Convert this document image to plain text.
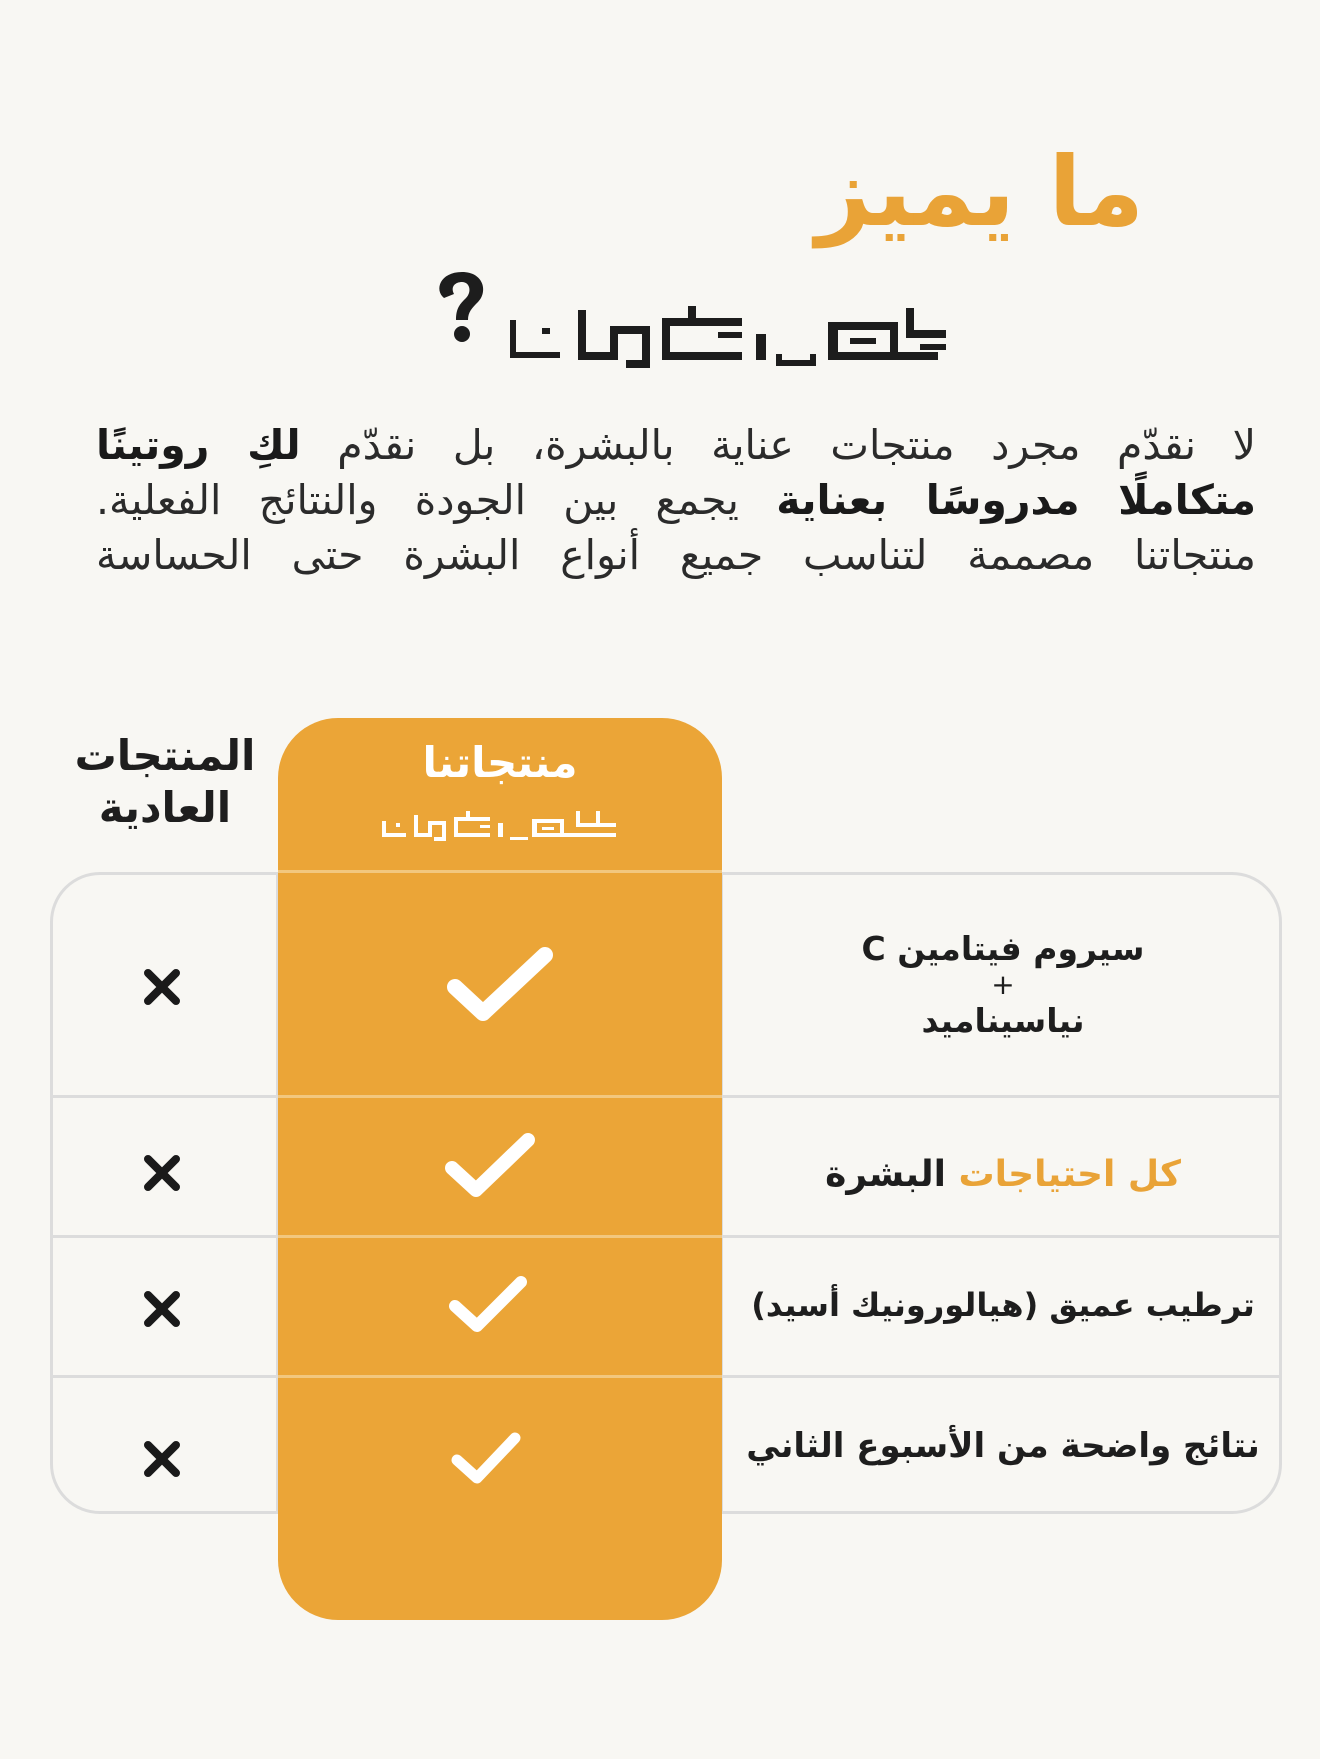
ما يميز

لا نقدّم مجرد منتجات عناية بالبشرة، بل نقدّم لكِ روتينًا

متكاملًا مدروسًا بعناية يجمع بين الجودة والنتائج الفعلية.

منتجاتنا مصممة لتناسب جميع أنواع البشرة حتى الحساسة

منتجاتنا
المنتجات
العادية
سيروم فيتامين C
+
نياسيناميد
كل احتياجات البشرة
ترطيب عميق (هيالورونيك أسيد)
نتائج واضحة من الأسبوع الثاني
